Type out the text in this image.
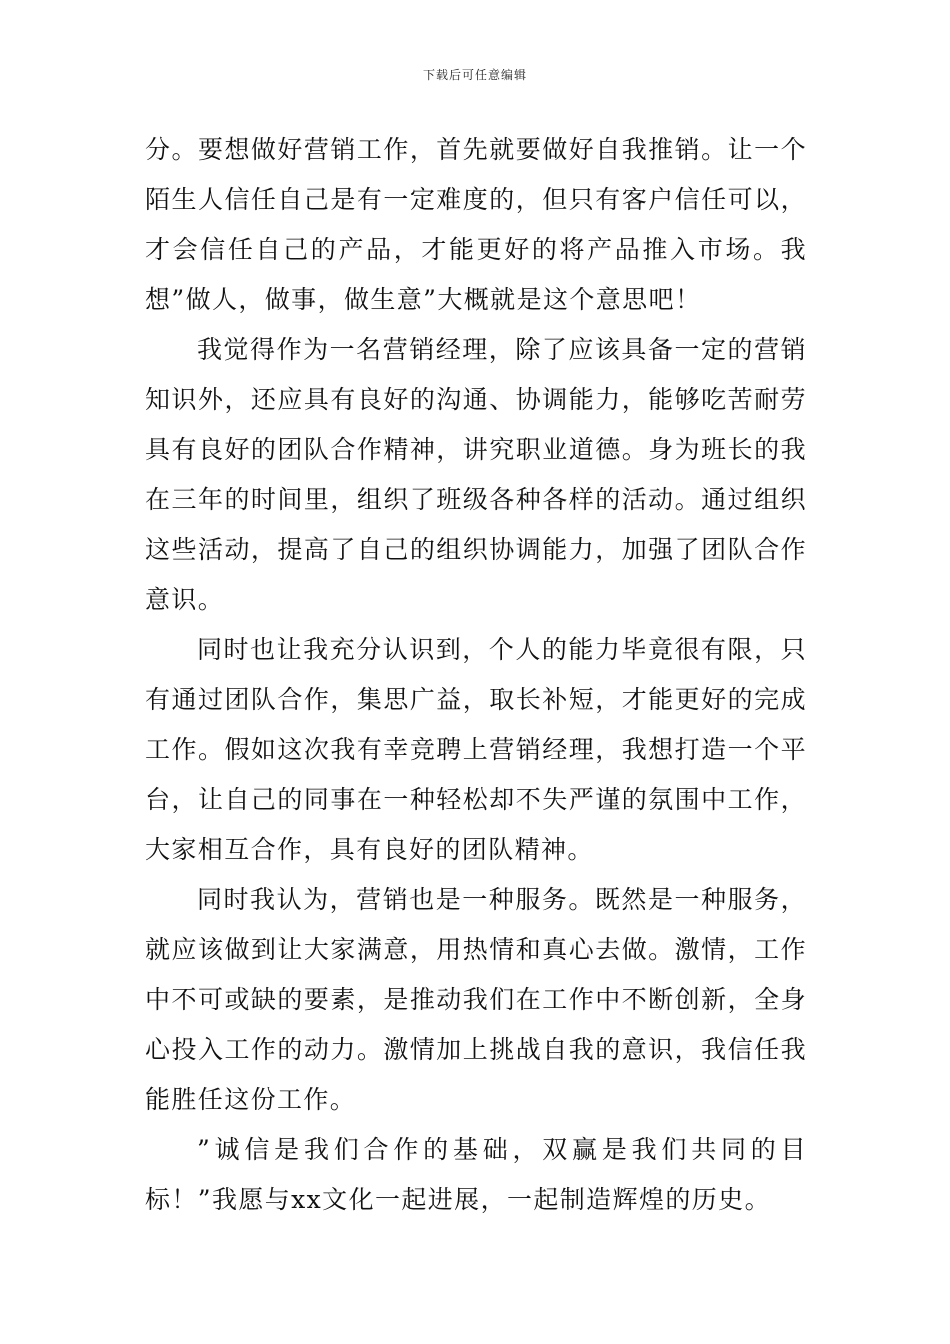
下载后可任意编辑

分。要想做好营销工作，首先就要做好自我推销。让一个陌生人信任自己是有一定难度的，但只有客户信任可以，才会信任自己的产品，才能更好的将产品推入市场。我想”做人，做事，做生意”大概就是这个意思吧！

我觉得作为一名营销经理，除了应该具备一定的营销知识外，还应具有良好的沟通、协调能力，能够吃苦耐劳具有良好的团队合作精神，讲究职业道德。身为班长的我在三年的时间里，组织了班级各种各样的活动。通过组织这些活动，提高了自己的组织协调能力，加强了团队合作意识。

同时也让我充分认识到，个人的能力毕竟很有限，只有通过团队合作，集思广益，取长补短，才能更好的完成工作。假如这次我有幸竞聘上营销经理，我想打造一个平台，让自己的同事在一种轻松却不失严谨的氛围中工作，大家相互合作，具有良好的团队精神。

同时我认为，营销也是一种服务。既然是一种服务，就应该做到让大家满意，用热情和真心去做。激情，工作中不可或缺的要素，是推动我们在工作中不断创新，全身心投入工作的动力。激情加上挑战自我的意识，我信任我能胜任这份工作。

”诚信是我们合作的基础，双赢是我们共同的目标！”我愿与xx文化一起进展，一起制造辉煌的历史。
